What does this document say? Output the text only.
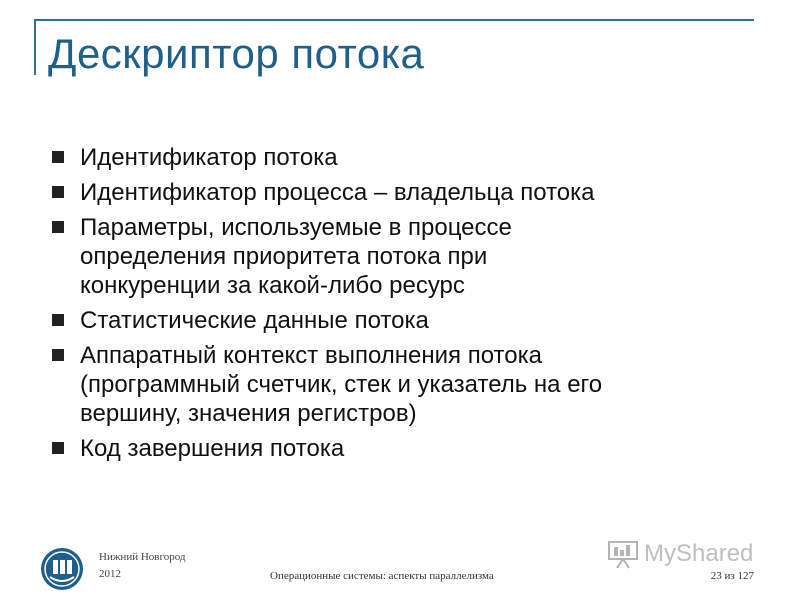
Дескриптор потока
Идентификатор потока
Идентификатор процесса – владельца потока
Параметры, используемые в процессе
определения приоритета потока при
конкуренции за какой-либо ресурс
Статистические данные потока
Аппаратный контекст выполнения потока
(программный счетчик, стек и указатель на его
вершину, значения регистров)
Код завершения потока
Нижний Новгород
2012	Операционные системы: аспекты параллелизма	23 из 127
MyShared
